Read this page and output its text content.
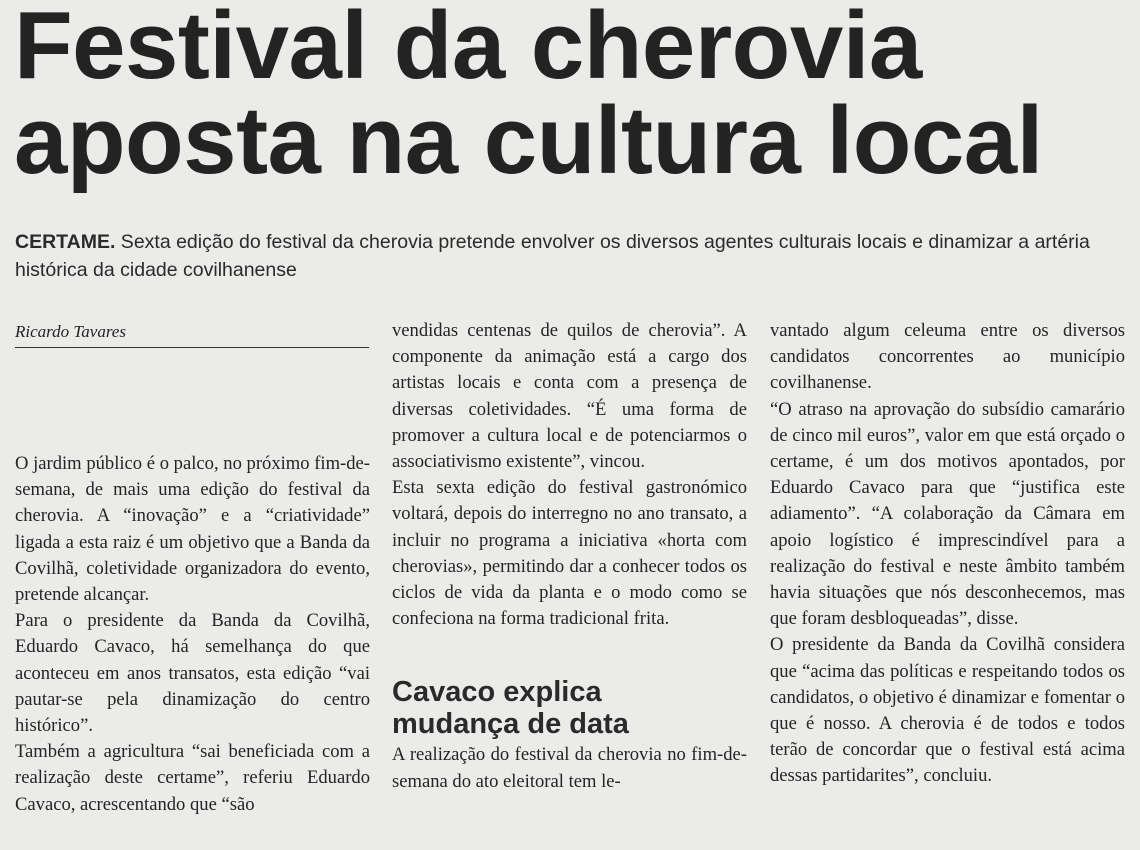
Festival da cherovia
aposta na cultura local

CERTAME. Sexta edição do festival da cherovia pretende envolver os diversos agentes culturais locais e dinamizar a artéria histórica da cidade covilhanense

Ricardo Tavares

O jardim público é o palco, no próximo fim-de-semana, de mais uma edição do festival da cherovia. A “inovação” e a “criatividade” ligada a esta raiz é um objetivo que a Banda da Covilhã, coletividade organizadora do evento, pretende alcançar.

Para o presidente da Banda da Covilhã, Eduardo Cavaco, há semelhança do que aconteceu em anos transatos, esta edição “vai pautar-se pela dinamização do centro histórico”.

Também a agricultura “sai beneficiada com a realização deste certame”, referiu Eduardo Cavaco, acrescentando que “são

vendidas centenas de quilos de cherovia”. A componente da animação está a cargo dos artistas locais e conta com a presença de diversas coletividades. “É uma forma de promover a cultura local e de potenciarmos o associativismo existente”, vincou.

Esta sexta edição do festival gastronómico voltará, depois do interregno no ano transato, a incluir no programa a iniciativa «horta com cherovias», permitindo dar a conhecer todos os ciclos de vida da planta e o modo como se confeciona na forma tradicional frita.

Cavaco explica
mudança de data

A realização do festival da cherovia no fim-de-semana do ato eleitoral tem le-

vantado algum celeuma entre os diversos candidatos concorrentes ao município covilhanense.

“O atraso na aprovação do subsídio camarário de cinco mil euros”, valor em que está orçado o certame, é um dos motivos apontados, por Eduardo Cavaco para que “justifica este adiamento”. “A colaboração da Câmara em apoio logístico é imprescindível para a realização do festival e neste âmbito também havia situações que nós desconhecemos, mas que foram desbloqueadas”, disse.

O presidente da Banda da Covilhã considera que “acima das políticas e respeitando todos os candidatos, o objetivo é dinamizar e fomentar o que é nosso. A cherovia é de todos e todos terão de concordar que o festival está acima dessas partidarites”, concluiu.
